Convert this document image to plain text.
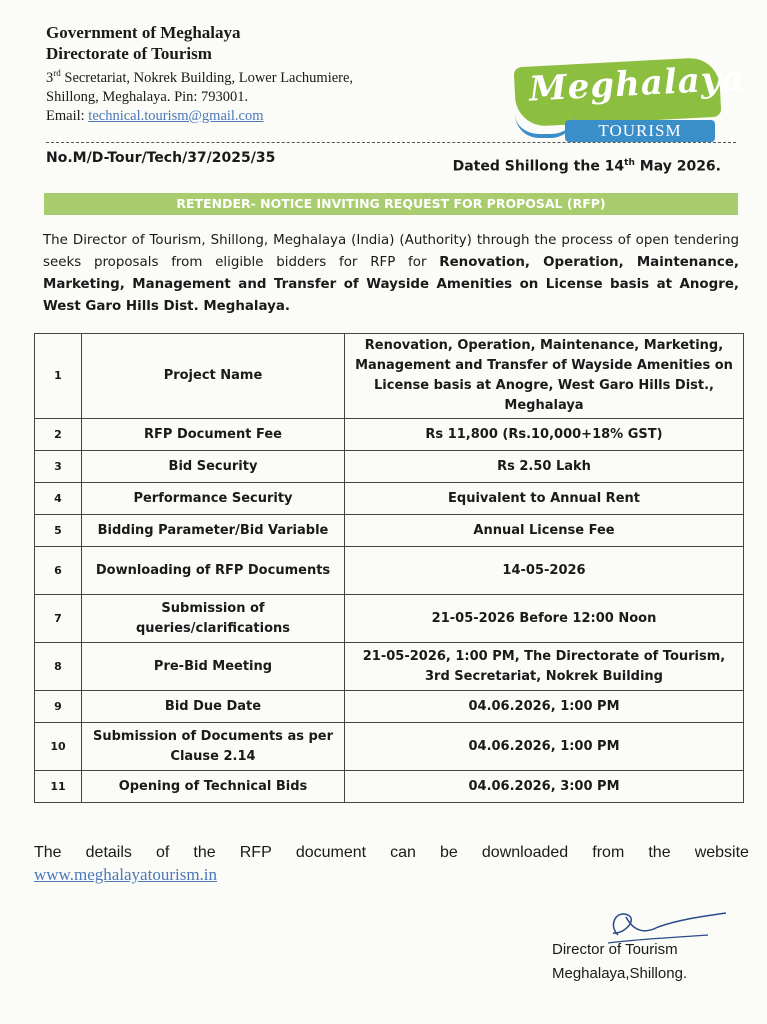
Government of Meghalaya
Directorate of Tourism
3rd Secretariat, Nokrek Building, Lower Lachumiere,
Shillong, Meghalaya. Pin: 793001.
Email: technical.tourism@gmail.com
Meghalaya
TOURISM
No.M/D-Tour/Tech/37/2025/35
Dated Shillong the 14th May 2026.
RETENDER- NOTICE INVITING REQUEST FOR PROPOSAL (RFP)
The Director of Tourism, Shillong, Meghalaya (India) (Authority) through the process of open tendering seeks proposals from eligible bidders for RFP for Renovation, Operation, Maintenance, Marketing, Management and Transfer of Wayside Amenities on License basis at Anogre, West Garo Hills Dist. Meghalaya.
1	Project Name	Renovation, Operation, Maintenance, Marketing, Management and Transfer of Wayside Amenities on License basis at Anogre, West Garo Hills Dist., Meghalaya
2	RFP Document Fee	Rs 11,800 (Rs.10,000+18% GST)
3	Bid Security	Rs 2.50 Lakh
4	Performance Security	Equivalent to Annual Rent
5	Bidding Parameter/Bid Variable	Annual License Fee
6	Downloading of RFP Documents	14-05-2026
7	Submission of queries/clarifications	21-05-2026 Before 12:00 Noon
8	Pre-Bid Meeting	21-05-2026, 1:00 PM, The Directorate of Tourism, 3rd Secretariat, Nokrek Building
9	Bid Due Date	04.06.2026, 1:00 PM
10	Submission of Documents as per Clause 2.14	04.06.2026, 1:00 PM
11	Opening of Technical Bids	04.06.2026, 3:00 PM
The details of the RFP document can be downloaded from the website
www.meghalayatourism.in
Director of Tourism
Meghalaya,Shillong.
